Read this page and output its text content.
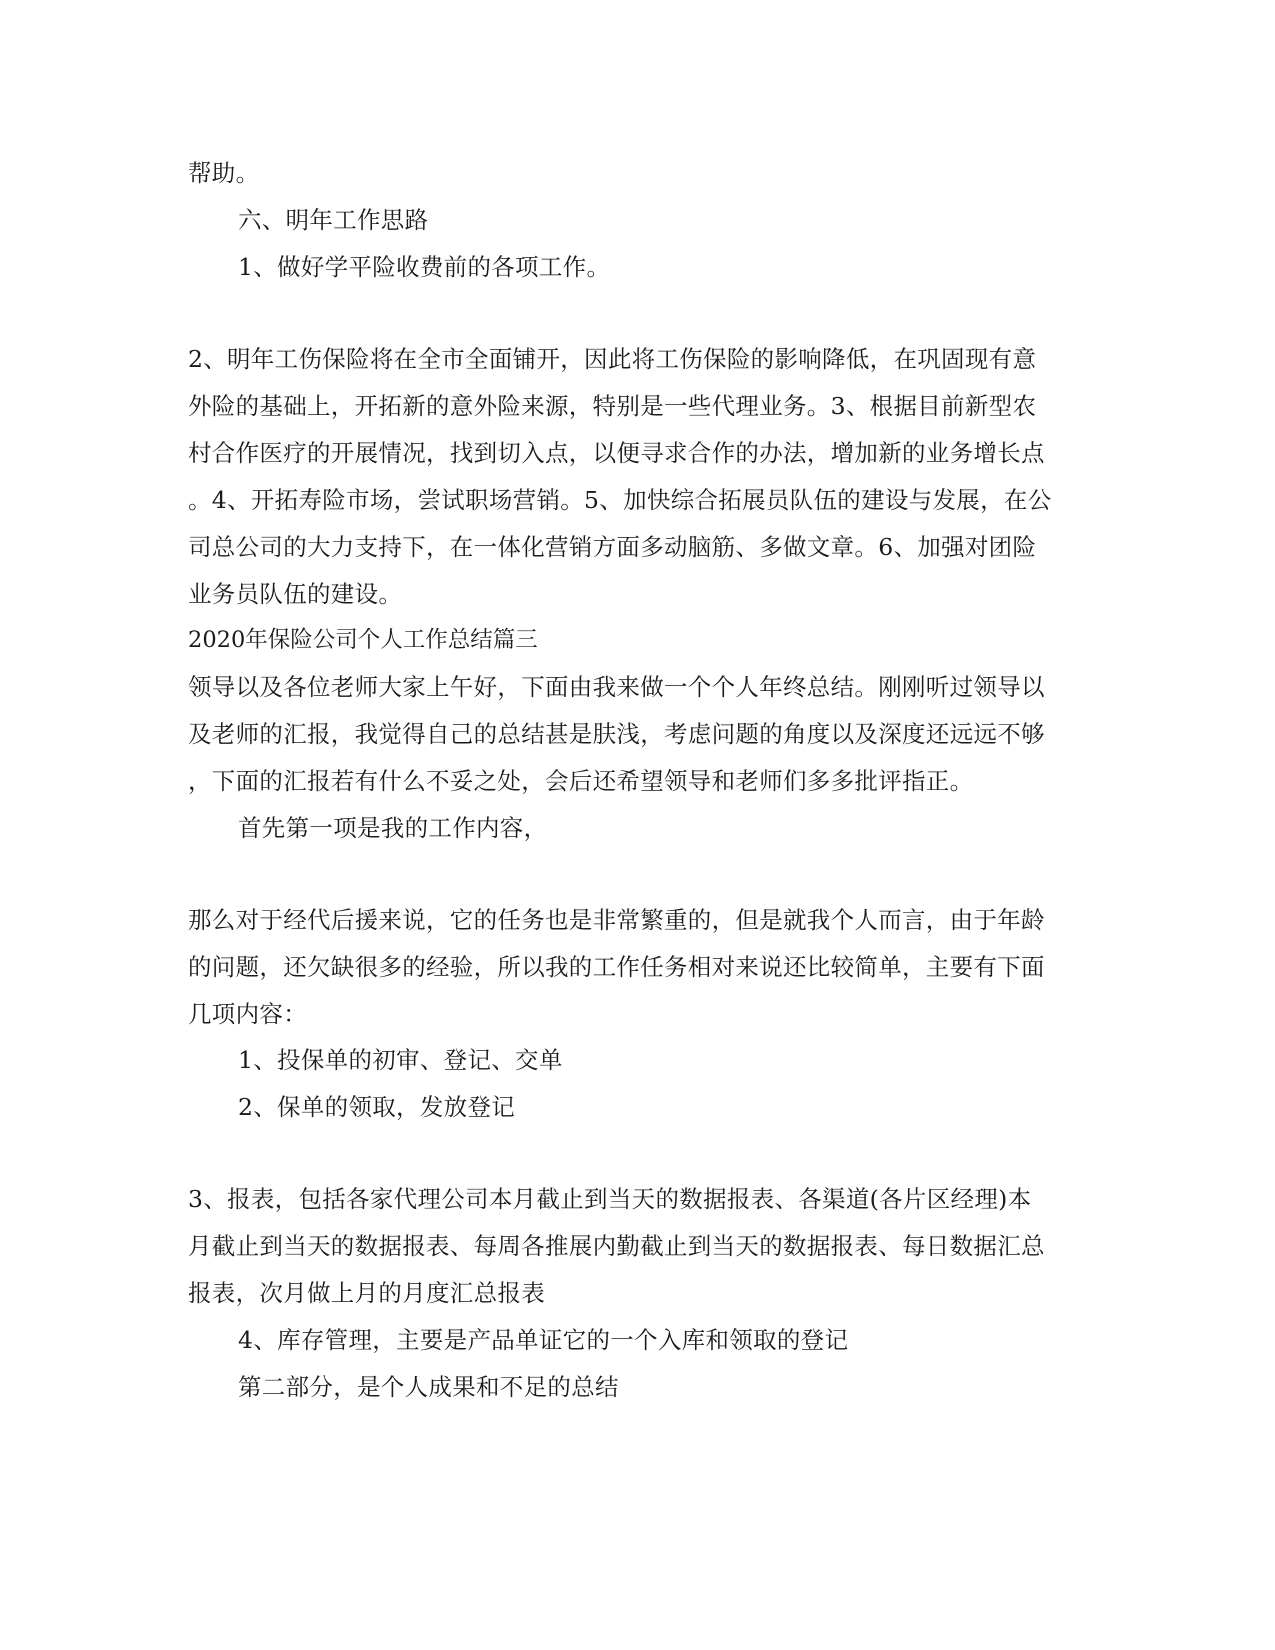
帮助。
六、明年工作思路
1、做好学平险收费前的各项工作。
2、明年工伤保险将在全市全面铺开，因此将工伤保险的影响降低，在巩固现有意
外险的基础上，开拓新的意外险来源，特别是一些代理业务。3、根据目前新型农
村合作医疗的开展情况，找到切入点，以便寻求合作的办法，增加新的业务增长点
。4、开拓寿险市场，尝试职场营销。5、加快综合拓展员队伍的建设与发展，在公
司总公司的大力支持下，在一体化营销方面多动脑筋、多做文章。6、加强对团险
业务员队伍的建设。
2020年保险公司个人工作总结篇三
领导以及各位老师大家上午好，下面由我来做一个个人年终总结。刚刚听过领导以
及老师的汇报，我觉得自己的总结甚是肤浅，考虑问题的角度以及深度还远远不够
，下面的汇报若有什么不妥之处，会后还希望领导和老师们多多批评指正。
首先第一项是我的工作内容，
那么对于经代后援来说，它的任务也是非常繁重的，但是就我个人而言，由于年龄
的问题，还欠缺很多的经验，所以我的工作任务相对来说还比较简单，主要有下面
几项内容：
1、投保单的初审、登记、交单
2、保单的领取，发放登记
3、报表，包括各家代理公司本月截止到当天的数据报表、各渠道(各片区经理)本
月截止到当天的数据报表、每周各推展内勤截止到当天的数据报表、每日数据汇总
报表，次月做上月的月度汇总报表
4、库存管理，主要是产品单证它的一个入库和领取的登记
第二部分，是个人成果和不足的总结
